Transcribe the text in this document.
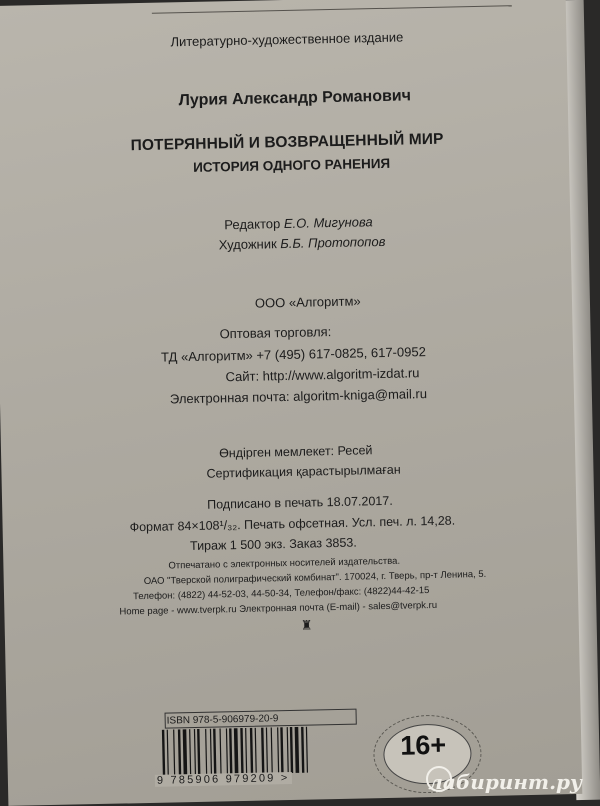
Литературно-художественное издание
Лурия Александр Романович
ПОТЕРЯННЫЙ И ВОЗВРАЩЕННЫЙ МИР
ИСТОРИЯ ОДНОГО РАНЕНИЯ
Редактор Е.О. Мигунова
Художник Б.Б. Протопопов
ООО «Алгоритм»
Оптовая торговля:
ТД «Алгоритм» +7 (495) 617-0825, 617-0952
Сайт: http://www.algoritm-izdat.ru
Электронная почта: algoritm-kniga@mail.ru
Өндірген мемлекет: Ресей
Сертификация қарастырылмаған
Подписано в печать 18.07.2017.
Формат 84×108¹/₃₂. Печать офсетная. Усл. печ. л. 14,28.
Тираж 1 500 экз. Заказ 3853.
Отпечатано с электронных носителей издательства.
ОАО "Тверской полиграфический комбинат". 170024, г. Тверь, пр-т Ленина, 5.
Телефон: (4822) 44-52-03, 44-50-34, Телефон/факс: (4822)44-42-15
Home page - www.tverpk.ru Электронная почта (E-mail) - sales@tverpk.ru
♜
ISBN 978-5-906979-20-9
9 785906 979209 >
16+
лабиринт.ру
